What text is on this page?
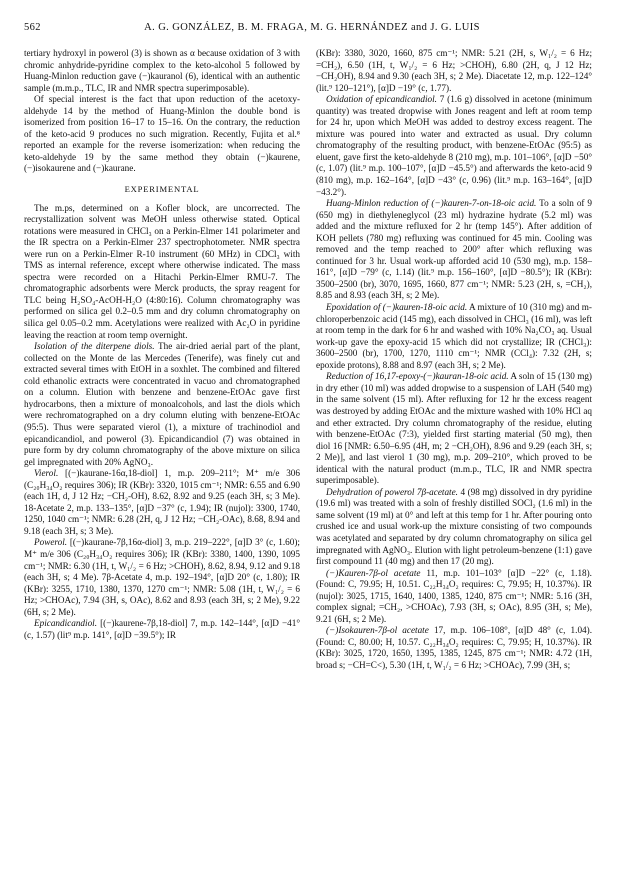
562	A. G. GONZÁLEZ, B. M. FRAGA, M. G. HERNÁNDEZ and J. G. LUIS

tertiary hydroxyl in powerol (3) is shown as α because oxidation of 3 with chromic anhydride-pyridine complex to the keto-alcohol 5 followed by Huang-Minlon reduction gave (−)kauranol (6), identical with an authentic sample (m.m.p., TLC, IR and NMR spectra superimposable).

Of special interest is the fact that upon reduction of the acetoxy-aldehyde 14 by the method of Huang-Minlon the double bond is isomerized from position 16–17 to 15–16. On the contrary, the reduction of the keto-acid 9 produces no such migration. Recently, Fujita et al.⁸ reported an example for the reverse isomerization: when reducing the keto-aldehyde 19 by the same method they obtain (−)kaurene, (−)isokaurene and (−)kaurane.

EXPERIMENTAL

The m.ps, determined on a Kofler block, are uncorrected. The recrystallization solvent was MeOH unless otherwise stated. Optical rotations were measured in CHCl₃ on a Perkin-Elmer 141 polarimeter and the IR spectra on a Perkin-Elmer 237 spectrophotometer. NMR spectra were run on a Perkin-Elmer R-10 instrument (60 MHz) in CDCl₃ with TMS as internal reference, except where otherwise indicated. The mass spectra were recorded on a Hitachi Perkin-Elmer RMU-7. The chromatographic adsorbents were Merck products, the spray reagent for TLC being H₂SO₄-AcOH-H₂O (4:80:16). Column chromatography was performed on silica gel 0.2–0.5 mm and dry column chromatography on silica gel 0.05–0.2 mm. Acetylations were realized with Ac₂O in pyridine leaving the reaction at room temp overnight.

Isolation of the diterpene diols. The air-dried aerial part of the plant, collected on the Monte de las Mercedes (Tenerife), was finely cut and extracted several times with EtOH in a soxhlet. The combined and filtered cold ethanolic extracts were concentrated in vacuo and chromatographed on a column. Elution with benzene and benzene-EtOAc gave first hydrocarbons, then a mixture of monoalcohols, and last the diols which were rechromatographed on a dry column eluting with benzene-EtOAc (95:5). Thus were separated vierol (1), a mixture of trachinodiol and epicandicandiol, and powerol (3). Epicandicandiol (7) was obtained in pure form by dry column chromatography of the above mixture on silica gel impregnated with 20% AgNO₃.

Vierol. [(−)kaurane-16α,18-diol] 1, m.p. 209–211°; M⁺ m/e 306 (C₂₀H₃₄O₂ requires 306); IR (KBr): 3320, 1015 cm⁻¹; NMR: 6.55 and 6.90 (each 1H, d, J 12 Hz; −CH₂-OH), 8.62, 8.92 and 9.25 (each 3H, s; 3 Me). 18-Acetate 2, m.p. 133–135°, [α]D −37° (c, 1.94); IR (nujol): 3300, 1740, 1250, 1040 cm⁻¹; NMR: 6.28 (2H, q, J 12 Hz; −CH₂-OAc), 8.68, 8.94 and 9.18 (each 3H, s; 3 Me).

Powerol. [(−)kaurane-7β,16α-diol] 3, m.p. 219–222°, [α]D 3° (c, 1.60); M⁺ m/e 306 (C₂₀H₃₄O₂ requires 306); IR (KBr): 3380, 1400, 1390, 1095 cm⁻¹; NMR: 6.30 (1H, t, W₁/₂ = 6 Hz; >CHOH), 8.62, 8.94, 9.12 and 9.18 (each 3H, s; 4 Me). 7β-Acetate 4, m.p. 192–194°, [α]D 20° (c, 1.80); IR (KBr): 3255, 1710, 1380, 1370, 1270 cm⁻¹; NMR: 5.08 (1H, t, W₁/₂ = 6 Hz; >CHOAc), 7.94 (3H, s, OAc), 8.62 and 8.93 (each 3H, s; 2 Me), 9.22 (6H, s; 2 Me).

Epicandicandiol. [(−)kaurene-7β,18-diol] 7, m.p. 142–144°, [α]D −41° (c, 1.57) (lit⁹ m.p. 141°, [α]D −39.5°); IR

(KBr): 3380, 3020, 1660, 875 cm⁻¹; NMR: 5.21 (2H, s, W₁/₂ = 6 Hz; =CH₂), 6.50 (1H, t, W₁/₂ = 6 Hz; >CHOH), 6.80 (2H, q, J 12 Hz; −CH₂OH), 8.94 and 9.30 (each 3H, s; 2 Me). Diacetate 12, m.p. 122–124° (lit.⁹ 120–121°), [α]D −19° (c, 1.77).

Oxidation of epicandicandiol. 7 (1.6 g) dissolved in acetone (minimum quantity) was treated dropwise with Jones reagent and left at room temp for 24 hr, upon which MeOH was added to destroy excess reagent. The mixture was poured into water and extracted as usual. Dry column chromatography of the resulting product, with benzene-EtOAc (95:5) as eluent, gave first the keto-aldehyde 8 (210 mg), m.p. 101–106°, [α]D −50° (c, 1.07) (lit.⁹ m.p. 100–107°, [α]D −45.5°) and afterwards the keto-acid 9 (810 mg), m.p. 162–164°, [α]D −43° (c, 0.96) (lit.⁹ m.p. 163–164°, [α]D −43.2°).

Huang-Minlon reduction of (−)kauren-7-on-18-oic acid. To a soln of 9 (650 mg) in diethyleneglycol (23 ml) hydrazine hydrate (5.2 ml) was added and the mixture refluxed for 2 hr (temp 145°). After addition of KOH pellets (780 mg) refluxing was continued for 45 min. Cooling was removed and the temp reached to 200° after which refluxing was continued for 3 hr. Usual work-up afforded acid 10 (530 mg), m.p. 158–161°, [α]D −79° (c, 1.14) (lit.⁹ m.p. 156–160°, [α]D −80.5°); IR (KBr): 3500–2500 (br), 3070, 1695, 1660, 877 cm⁻¹; NMR: 5.23 (2H, s, =CH₂), 8.85 and 8.93 (each 3H, s; 2 Me).

Epoxidation of (−)kauren-18-oic acid. A mixture of 10 (310 mg) and m-chloroperbenzoic acid (145 mg), each dissolved in CHCl₃ (16 ml), was left at room temp in the dark for 6 hr and washed with 10% Na₂CO₃ aq. Usual work-up gave the epoxy-acid 15 which did not crystallize; IR (CHCl₃): 3600–2500 (br), 1700, 1270, 1110 cm⁻¹; NMR (CCl₄): 7.32 (2H, s; epoxide protons), 8.88 and 8.97 (each 3H, s; 2 Me).

Reduction of 16,17-epoxy-(−)kauran-18-oic acid. A soln of 15 (130 mg) in dry ether (10 ml) was added dropwise to a suspension of LAH (540 mg) in the same solvent (15 ml). After refluxing for 12 hr the excess reagent was destroyed by adding EtOAc and the mixture washed with 10% HCl aq and ether extracted. Dry column chromatography of the residue, eluting with benzene-EtOAc (7:3), yielded first starting material (50 mg), then diol 16 [NMR: 6.50–6.95 (4H, m; 2 −CH₂OH), 8.96 and 9.29 (each 3H, s; 2 Me)], and last vierol 1 (30 mg), m.p. 209–210°, which proved to be identical with the natural product (m.m.p., TLC, IR and NMR spectra superimposable).

Dehydration of powerol 7β-acetate. 4 (98 mg) dissolved in dry pyridine (19.6 ml) was treated with a soln of freshly distilled SOCl₂ (1.6 ml) in the same solvent (19 ml) at 0° and left at this temp for 1 hr. After pouring onto crushed ice and usual work-up the mixture consisting of two compounds was acetylated and separated by dry column chromatography on silica gel impregnated with AgNO₃. Elution with light petroleum-benzene (1:1) gave first compound 11 (40 mg) and then 17 (20 mg).

(−)Kauren-7β-ol acetate 11, m.p. 101–103° [α]D −22° (c, 1.18). (Found: C, 79.95; H, 10.51. C₂₂H₃₄O₂ requires: C, 79.95; H, 10.37%). IR (nujol): 3025, 1715, 1640, 1400, 1385, 1240, 875 cm⁻¹; NMR: 5.16 (3H, complex signal; =CH₂, >CHOAc), 7.93 (3H, s; OAc), 8.95 (3H, s; Me), 9.21 (6H, s; 2 Me).

(−)Isokauren-7β-ol acetate 17, m.p. 106–108°, [α]D 48° (c, 1.04). (Found: C, 80.00; H, 10.57. C₂₂H₃₄O₂ requires: C, 79.95; H, 10.37%). IR (KBr): 3025, 1720, 1650, 1395, 1385, 1245, 875 cm⁻¹; NMR: 4.72 (1H, broad s; −CH=C<), 5.30 (1H, t, W₁/₂ = 6 Hz; >CHOAc), 7.99 (3H, s;
